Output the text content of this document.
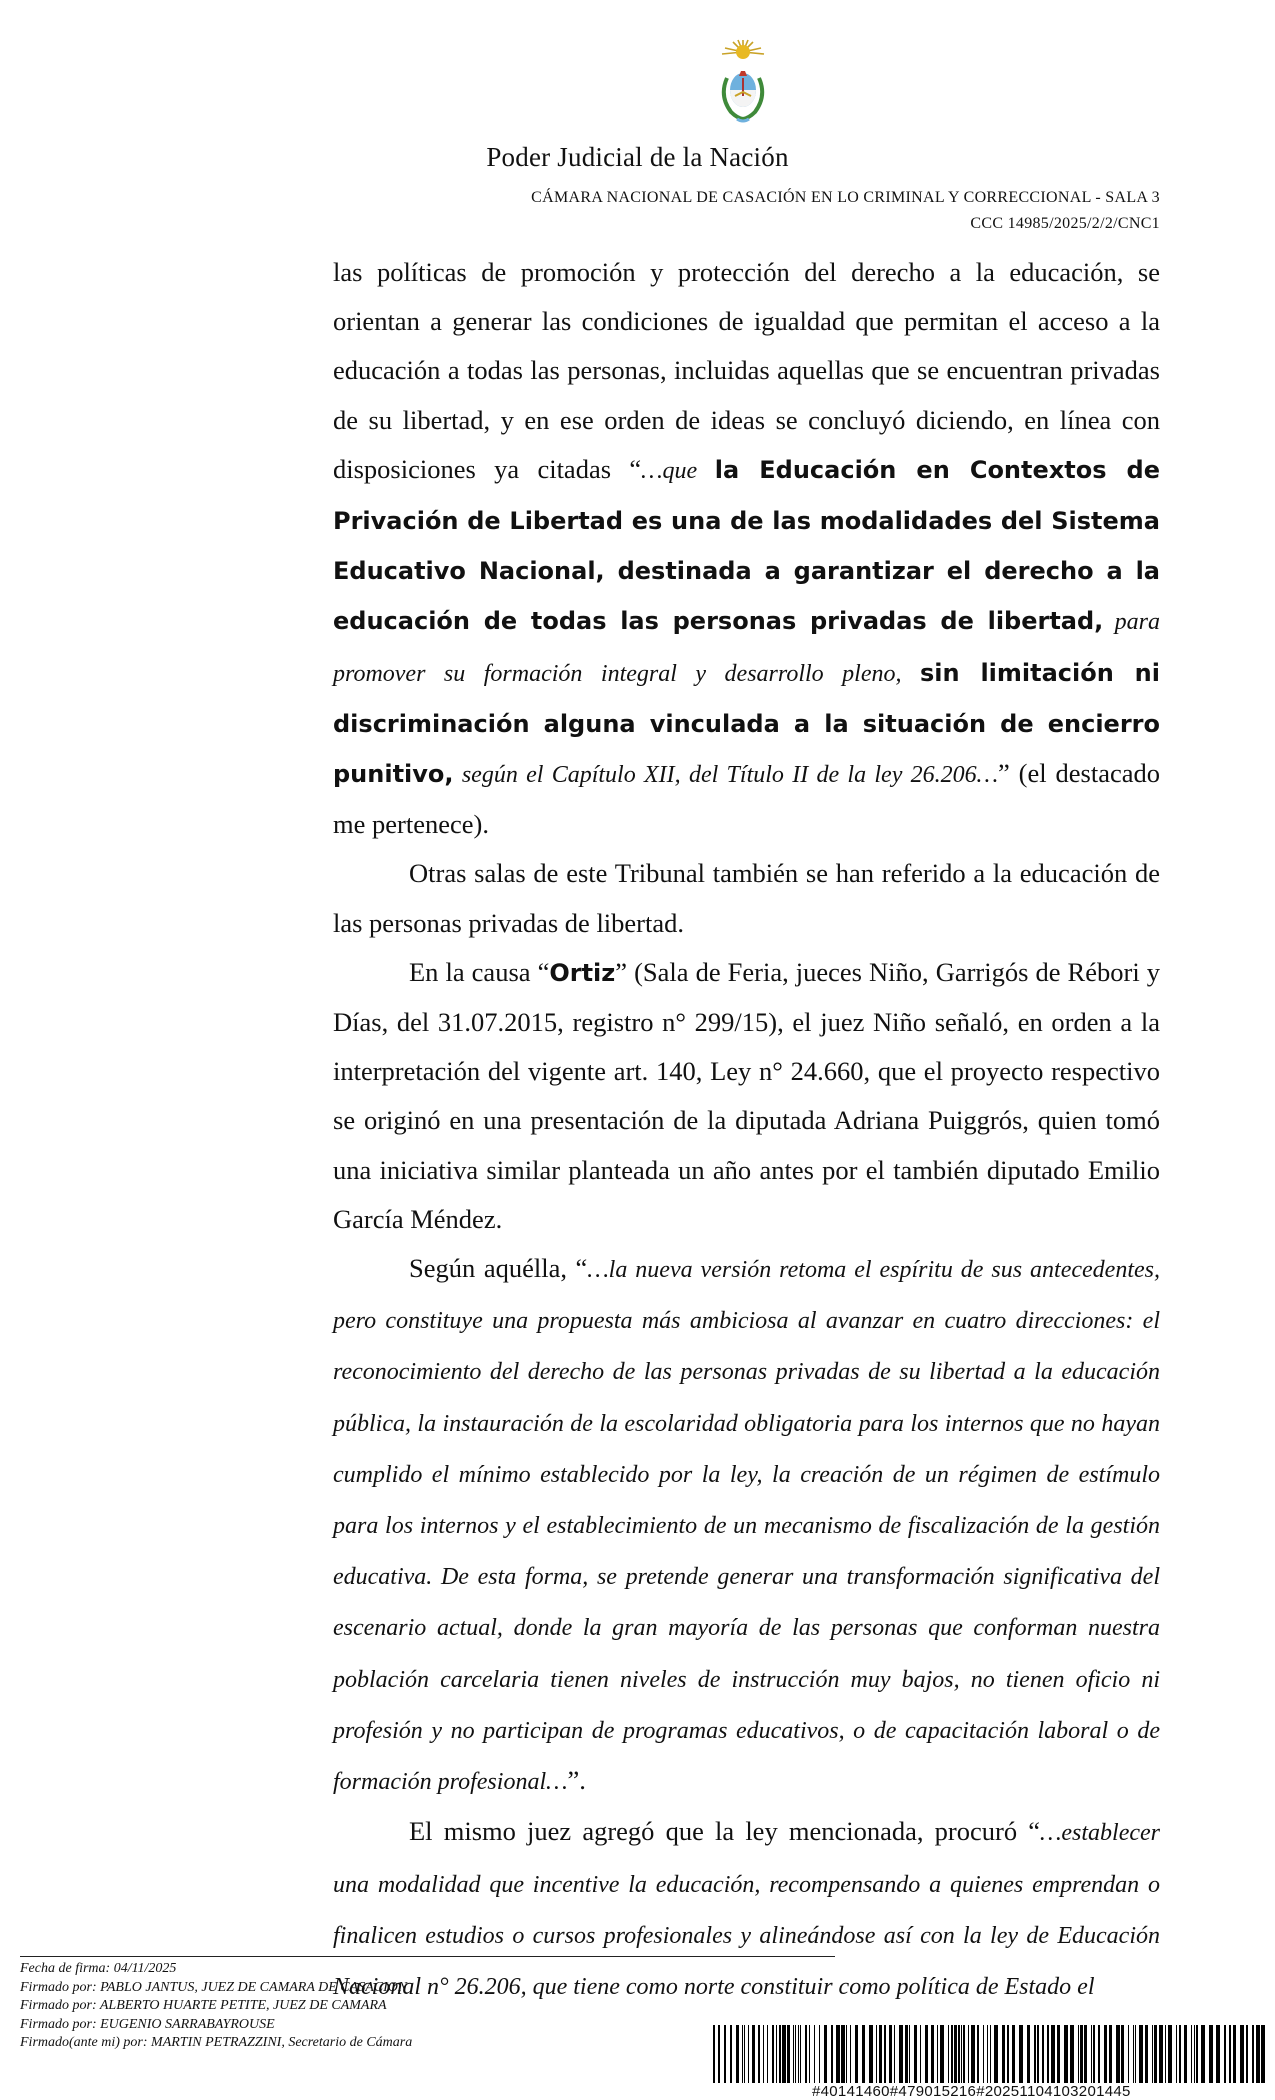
Poder Judicial de la Nación
CÁMARA NACIONAL DE CASACIÓN EN LO CRIMINAL Y CORRECCIONAL - SALA 3
CCC 14985/2025/2/2/CNC1

las políticas de promoción y protección del derecho a la educación, se orientan a generar las condiciones de igualdad que permitan el acceso a la educación a todas las personas, incluidas aquellas que se encuentran privadas de su libertad, y en ese orden de ideas se concluyó diciendo, en línea con disposiciones ya citadas “…que la Educación en Contextos de Privación de Libertad es una de las modalidades del Sistema Educativo Nacional, destinada a garantizar el derecho a la educación de todas las personas privadas de libertad, para promover su formación integral y desarrollo pleno, sin limitación ni discriminación alguna vinculada a la situación de encierro punitivo, según el Capítulo XII, del Título II de la ley 26.206…” (el destacado me pertenece).

Otras salas de este Tribunal también se han referido a la educación de las personas privadas de libertad.

En la causa “Ortiz” (Sala de Feria, jueces Niño, Garrigós de Rébori y Días, del 31.07.2015, registro n° 299/15), el juez Niño señaló, en orden a la interpretación del vigente art. 140, Ley n° 24.660, que el proyecto respectivo se originó en una presentación de la diputada Adriana Puiggrós, quien tomó una iniciativa similar planteada un año antes por el también diputado Emilio García Méndez.

Según aquélla, “…la nueva versión retoma el espíritu de sus antecedentes, pero constituye una propuesta más ambiciosa al avanzar en cuatro direcciones: el reconocimiento del derecho de las personas privadas de su libertad a la educación pública, la instauración de la escolaridad obligatoria para los internos que no hayan cumplido el mínimo establecido por la ley, la creación de un régimen de estímulo para los internos y el establecimiento de un mecanismo de fiscalización de la gestión educativa. De esta forma, se pretende generar una transformación significativa del escenario actual, donde la gran mayoría de las personas que conforman nuestra población carcelaria tienen niveles de instrucción muy bajos, no tienen oficio ni profesión y no participan de programas educativos, o de capacitación laboral o de formación profesional…”.

El mismo juez agregó que la ley mencionada, procuró “…establecer una modalidad que incentive la educación, recompensando a quienes emprendan o finalicen estudios o cursos profesionales y alineándose así con la ley de Educación Nacional n° 26.206, que tiene como norte constituir como política de Estado el

Fecha de firma: 04/11/2025
Firmado por: PABLO JANTUS, JUEZ DE CAMARA DE CASACION
Firmado por: ALBERTO HUARTE PETITE, JUEZ DE CAMARA
Firmado por: EUGENIO SARRABAYROUSE
Firmado(ante mi) por: MARTIN PETRAZZINI, Secretario de Cámara
#40141460#479015216#20251104103201445
